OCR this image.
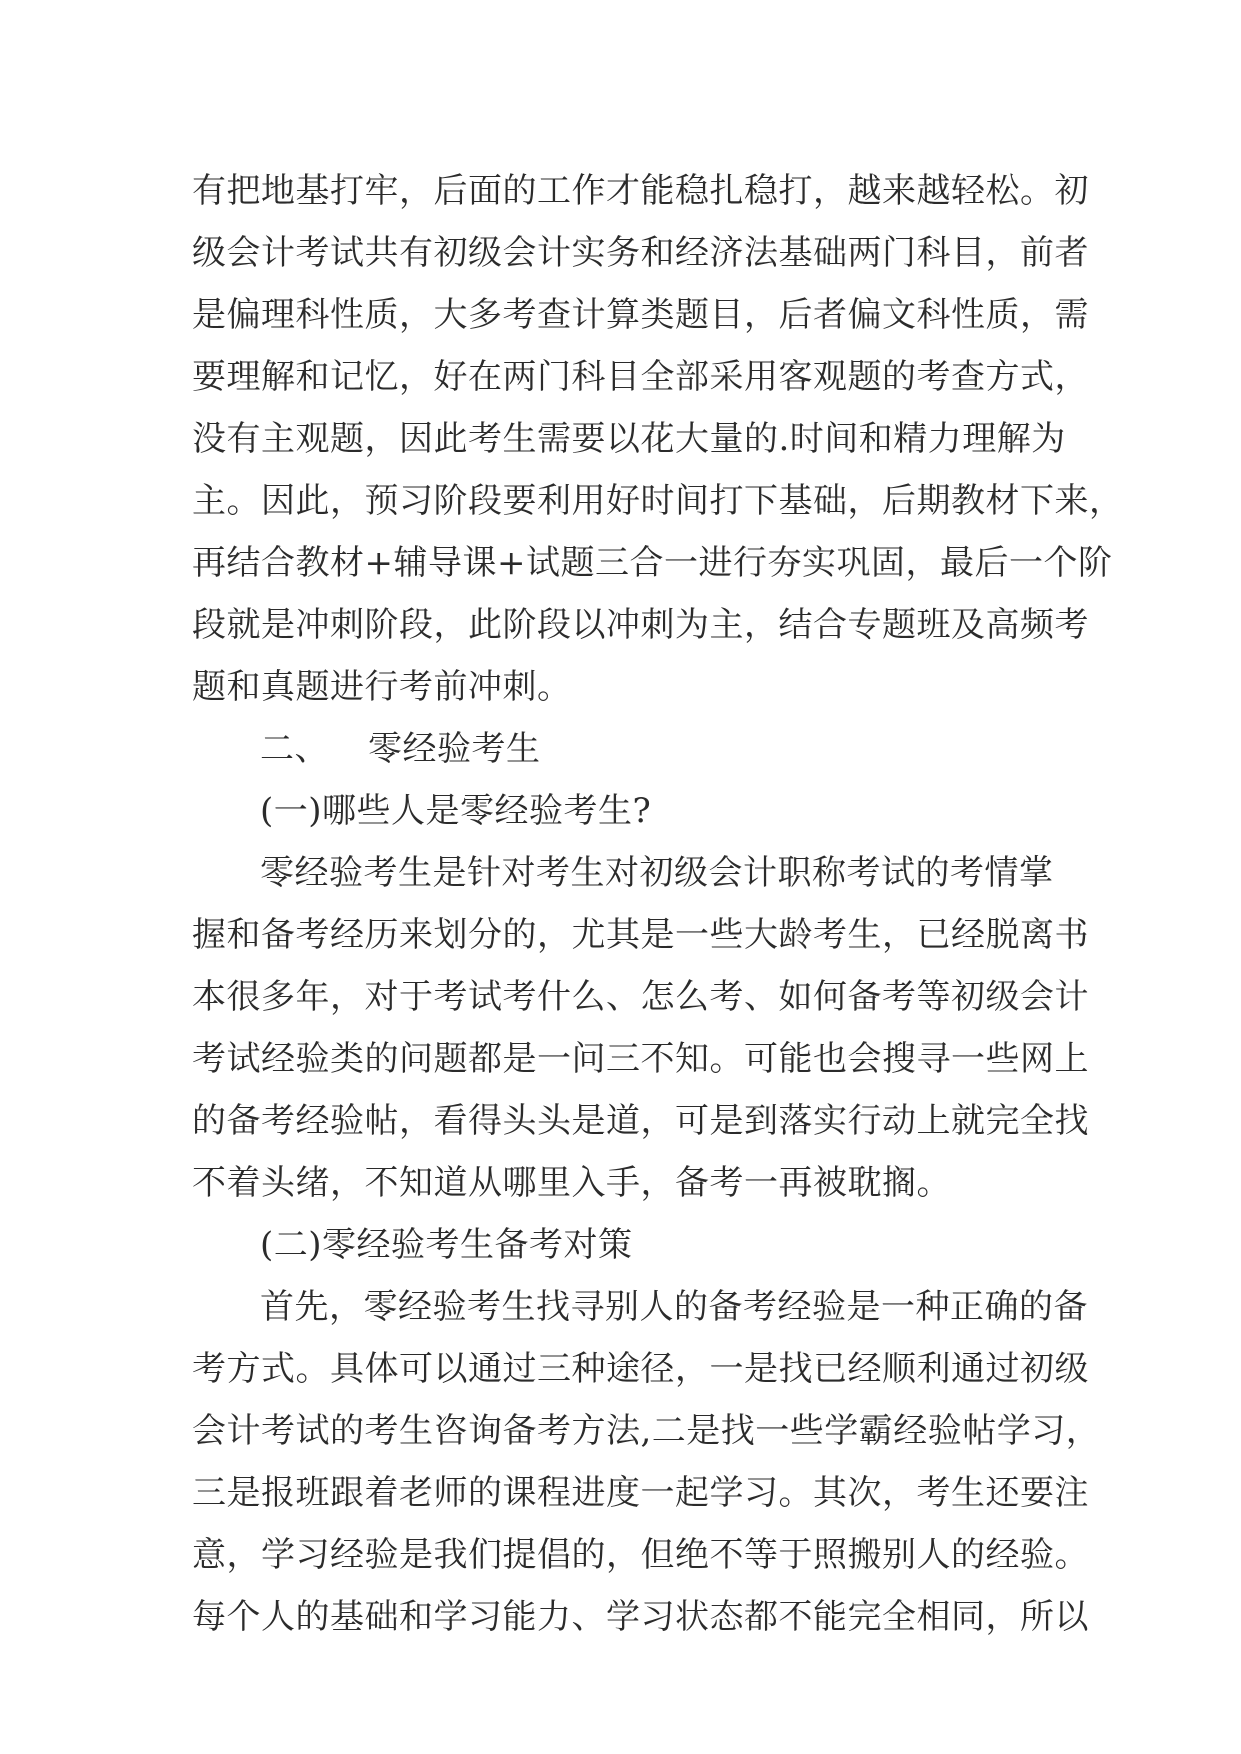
有把地基打牢，后面的工作才能稳扎稳打，越来越轻松。初
级会计考试共有初级会计实务和经济法基础两门科目，前者
是偏理科性质，大多考查计算类题目，后者偏文科性质，需
要理解和记忆，好在两门科目全部采用客观题的考查方式，
没有主观题，因此考生需要以花大量的.时间和精力理解为
主。因此，预习阶段要利用好时间打下基础，后期教材下来，
再结合教材+辅导课+试题三合一进行夯实巩固，最后一个阶
段就是冲刺阶段，此阶段以冲刺为主，结合专题班及高频考
题和真题进行考前冲刺。
二、 零经验考生
(一)哪些人是零经验考生?
零经验考生是针对考生对初级会计职称考试的考情掌
握和备考经历来划分的，尤其是一些大龄考生，已经脱离书
本很多年，对于考试考什么、怎么考、如何备考等初级会计
考试经验类的问题都是一问三不知。可能也会搜寻一些网上
的备考经验帖，看得头头是道，可是到落实行动上就完全找
不着头绪，不知道从哪里入手，备考一再被耽搁。
(二)零经验考生备考对策
首先，零经验考生找寻别人的备考经验是一种正确的备
考方式。具体可以通过三种途径，一是找已经顺利通过初级
会计考试的考生咨询备考方法,二是找一些学霸经验帖学习，
三是报班跟着老师的课程进度一起学习。其次，考生还要注
意，学习经验是我们提倡的，但绝不等于照搬别人的经验。
每个人的基础和学习能力、学习状态都不能完全相同，所以
